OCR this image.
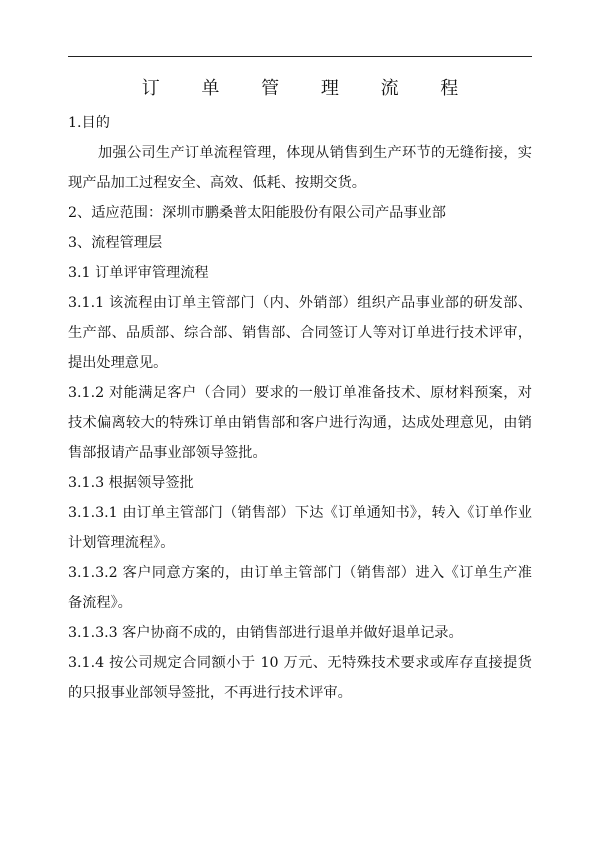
订 单 管 理 流 程

1.目的

加强公司生产订单流程管理，体现从销售到生产环节的无缝衔接，实现产品加工过程安全、高效、低耗、按期交货。

2、适应范围：深圳市鹏桑普太阳能股份有限公司产品事业部

3、流程管理层

3.1 订单评审管理流程

3.1.1 该流程由订单主管部门（内、外销部）组织产品事业部的研发部、生产部、品质部、综合部、销售部、合同签订人等对订单进行技术评审，提出处理意见。

3.1.2 对能满足客户（合同）要求的一般订单准备技术、原材料预案，对技术偏离较大的特殊订单由销售部和客户进行沟通，达成处理意见，由销售部报请产品事业部领导签批。

3.1.3 根据领导签批

3.1.3.1 由订单主管部门（销售部）下达《订单通知书》，转入《订单作业计划管理流程》。

3.1.3.2 客户同意方案的，由订单主管部门（销售部）进入《订单生产准备流程》。

3.1.3.3 客户协商不成的，由销售部进行退单并做好退单记录。

3.1.4 按公司规定合同额小于 10 万元、无特殊技术要求或库存直接提货的只报事业部领导签批，不再进行技术评审。
